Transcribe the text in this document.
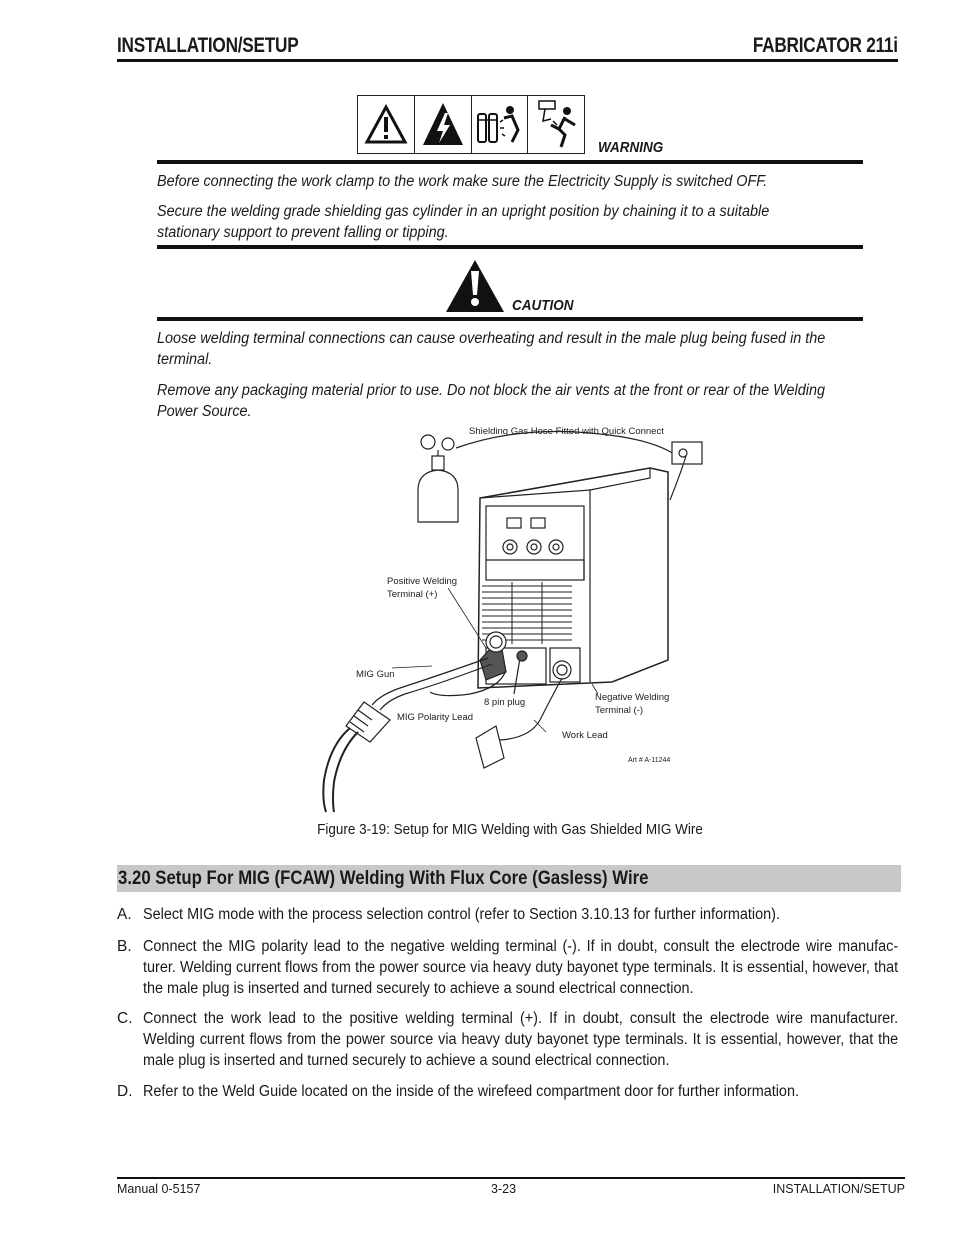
INSTALLATION/SETUP	FABRICATOR 211i
WARNING
Before connecting the work clamp to the work make sure the Electricity Supply is switched OFF.
Secure the welding grade shielding gas cylinder in an upright position by chaining it to a suitable stationary support to prevent falling or tipping.
CAUTION
Loose welding terminal connections can cause overheating and result in the male plug being fused in the terminal.
Remove any packaging material prior to use. Do not block the air vents at the front or rear of the Welding Power Source.
Shielding Gas Hose Fitted with Quick Connect
Positive Welding Terminal (+)
MIG Gun
8 pin plug
MIG Polarity Lead
Negative Welding Terminal (-)
Work Lead
Art # A-11244
Figure 3-19: Setup for MIG Welding with Gas Shielded MIG Wire
3.20 Setup For MIG (FCAW) Welding With Flux Core (Gasless) Wire
A. Select MIG mode with the process selection control (refer to Section 3.10.13 for further information).
B. Connect the MIG polarity lead to the negative welding terminal (-). If in doubt, consult the electrode wire manufac-turer. Welding current flows from the power source via heavy duty bayonet type terminals. It is essential, however, that the male plug is inserted and turned securely to achieve a sound electrical connection.
C. Connect the work lead to the positive welding terminal (+). If in doubt, consult the electrode wire manufacturer. Welding current flows from the power source via heavy duty bayonet type terminals. It is essential, however, that the male plug is inserted and turned securely to achieve a sound electrical connection.
D. Refer to the Weld Guide located on the inside of the wirefeed compartment door for further information.
Manual 0-5157	3-23	INSTALLATION/SETUP
